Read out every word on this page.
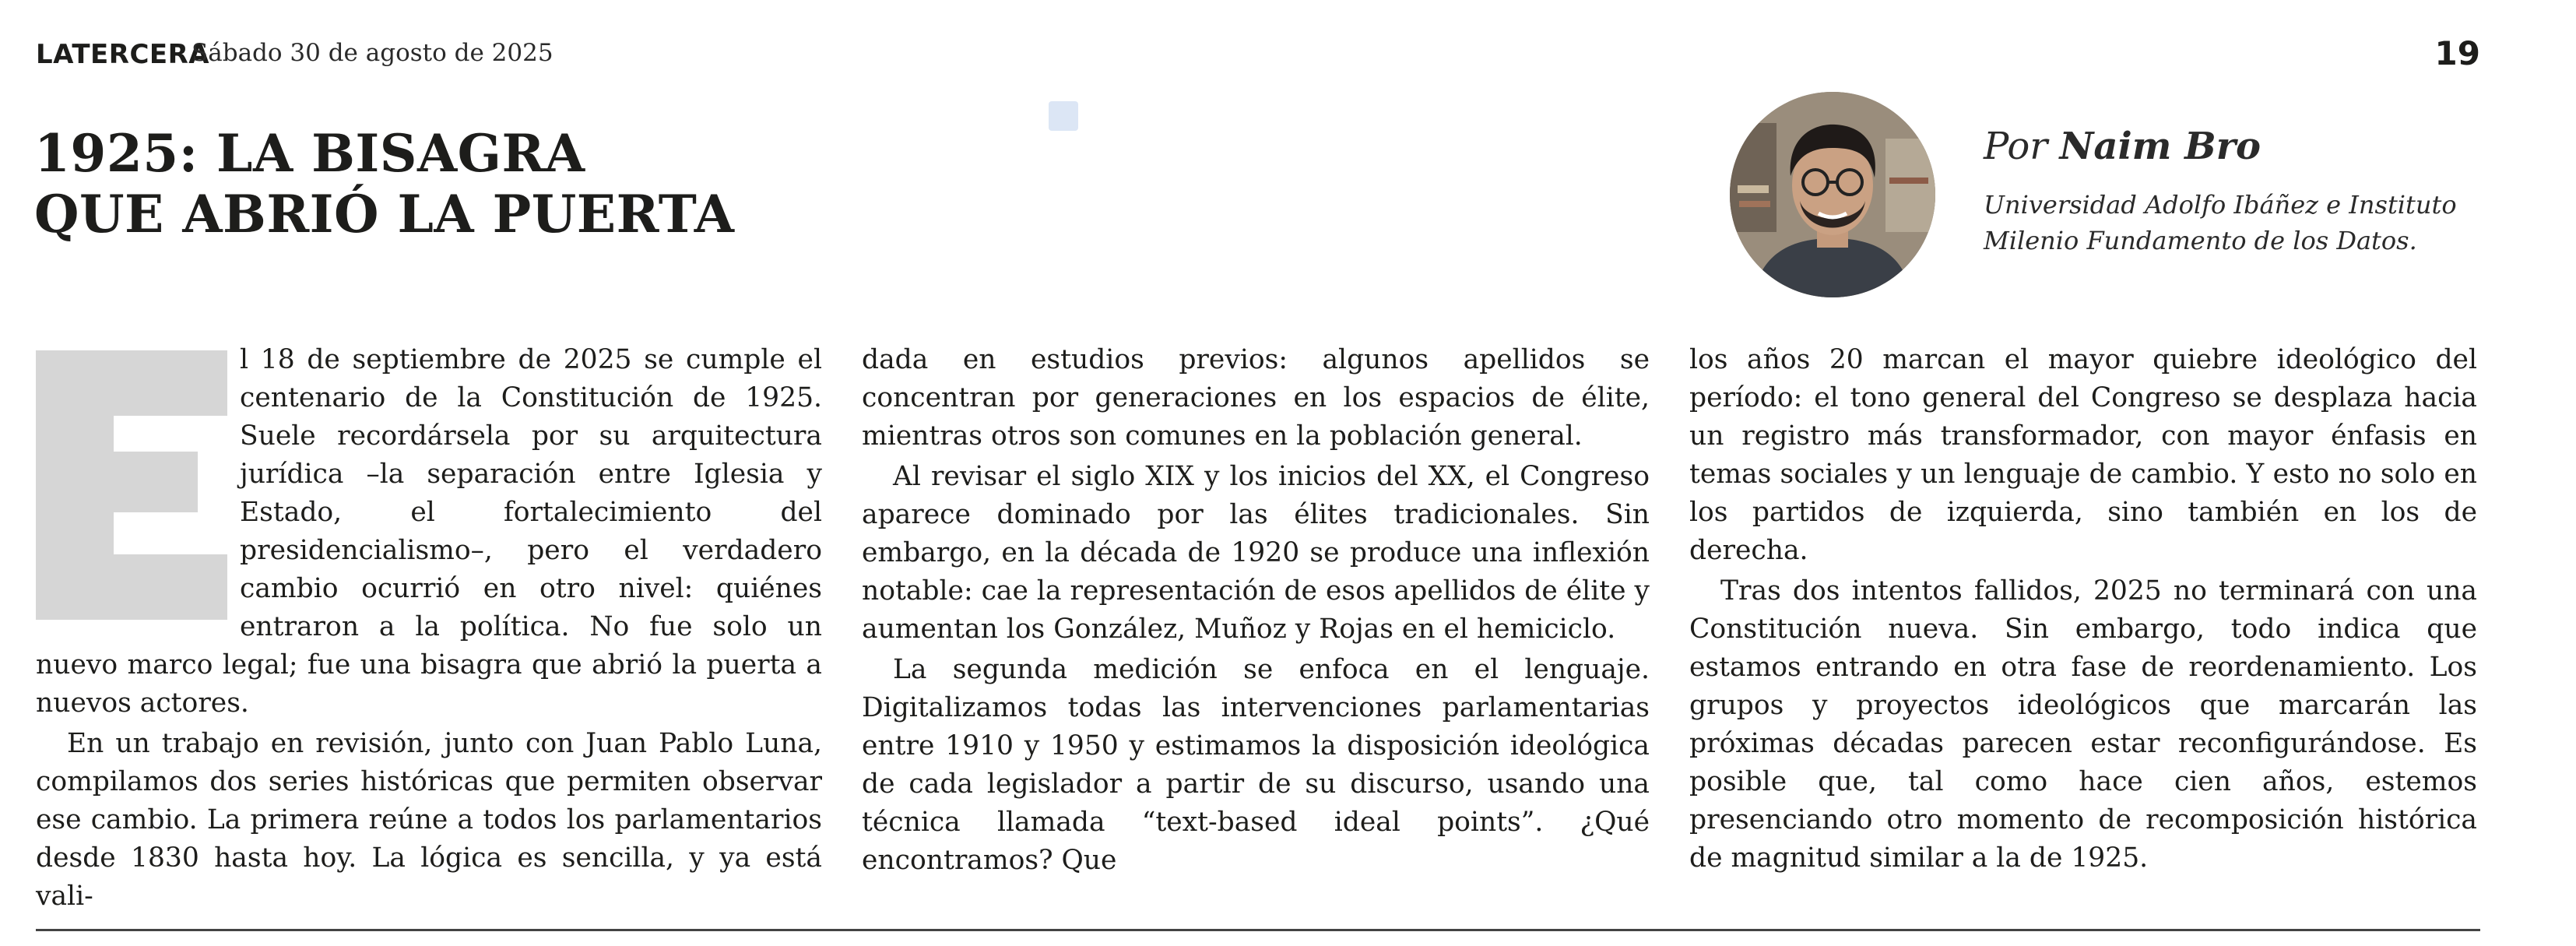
LATERCERA
Sábado 30 de agosto de 2025	19
1925: LA BISAGRA
QUE ABRIÓ LA PUERTA
Por Naim Bro
Universidad Adolfo Ibáñez e Instituto Milenio Fundamento de los Datos.

l 18 de septiembre de 2025 se cumple el centenario de la Constitución de 1925. Suele recordársela por su arquitectura jurídica –la separación entre Iglesia y Estado, el fortalecimiento del presidencialismo–, pero el verdadero cambio ocurrió en otro nivel: quiénes entraron a la política. No fue solo un nuevo marco legal; fue una bisagra que abrió la puerta a nuevos actores.

En un trabajo en revisión, junto con Juan Pablo Luna, compilamos dos series históricas que permiten observar ese cambio. La primera reúne a todos los parlamentarios desde 1830 hasta hoy. La lógica es sencilla, y ya está vali-

dada en estudios previos: algunos apellidos se concentran por generaciones en los espacios de élite, mientras otros son comunes en la población general.

Al revisar el siglo XIX y los inicios del XX, el Congreso aparece dominado por las élites tradicionales. Sin embargo, en la década de 1920 se produce una inflexión notable: cae la representación de esos apellidos de élite y aumentan los González, Muñoz y Rojas en el hemiciclo.

La segunda medición se enfoca en el lenguaje. Digitalizamos todas las intervenciones parlamentarias entre 1910 y 1950 y estimamos la disposición ideológica de cada legislador a partir de su discurso, usando una técnica llamada “text-based ideal points”. ¿Qué encontramos? Que

los años 20 marcan el mayor quiebre ideológico del período: el tono general del Congreso se desplaza hacia un registro más transformador, con mayor énfasis en temas sociales y un lenguaje de cambio. Y esto no solo en los partidos de izquierda, sino también en los de derecha.

Tras dos intentos fallidos, 2025 no terminará con una Constitución nueva. Sin embargo, todo indica que estamos entrando en otra fase de reordenamiento. Los grupos y proyectos ideológicos que marcarán las próximas décadas parecen estar reconfigurándose. Es posible que, tal como hace cien años, estemos presenciando otro momento de recomposición histórica de magnitud similar a la de 1925.
